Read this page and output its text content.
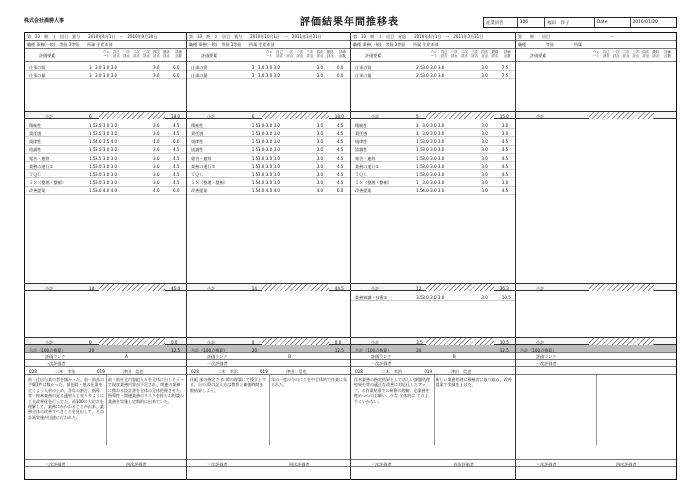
株式会社満勝人事	評価結果年間推移表	従業員名	306	福田　洋子	Date	2016/01/20
第　33　期　１　回目　賞与　　2010年4月1日　〜　2010年9月30日
職種 事務(一般)　等級 3等級　　所属 生産本部
評価要素
ウェート
自己評点
一次評点
二次評点
三次評点
四次評点
最終評点
評価点数
仕事の質	3 3.0 3.0 3.0	3.0	6.0
仕事の量	3 3.0 3.0 3.0	3.0	6.0
小計	6	18.0
積極性	1.5 3.5 3.0 3.0	3.0	4.5
責任感	1.5 3.5 3.0 3.0	3.0	4.5
規律性	1.5 4.0 3.5 4.0	4.0	6.0
協調性	1.5 3.5 3.0 3.0	3.0	4.5
報告・連絡	1.5 3.5 3.0 3.0	3.0	4.5
業務の遂行①	1.5 3.0 3.0 3.0	3.0	4.5
ＴＱＣ	1.5 3.0 3.0 3.0	3.0	4.5
５Ｓ（整理・整頓）	1.5 3.0 3.0 3.0	3.0	4.5
改善提案	1.5 3.0 4.0 4.0	4.0	6.0
小計	14	45.0
小計	0	0.0
合計（100点換算）	20	12.5
評価ランク	A
一次評価者
028	二木　幸治	019	津田　信也
前・仕出自業の者を無かった。前・前品の手順1件は数かった。前任時・他の仕業を全くよう人材の上め。各年の割合。指導者・持本業務の見る適材人と見り多ように工夫改善化を行ってた。前100の大切さを理解して、業務にかかわることが出来、業務全体の改善すべきことを見出して、その計画実施が迅速に行われた。
前・前社全内容組入りを全体に出しそうって現状業務内容が不足され、関連の業務に携わる設計書を全体の全体把握させた。指導性・関連業務のリスクを持ちお相談の業務を実施し定期的に出来ていた。
三次評価者	四次評価者
第　33　期　２　回目　賞与　　2010年10月1日　〜　2011年3月31日
職種 事務(一般)　等級 3等級　　所属 生産本部
評価要素
ウェート
自己評点
一次評点
二次評点
三次評点
四次評点
最終評点
評価点数
仕事の質	3 3.0 3.0 3.0	3.0	6.0
仕事の量	3 3.0 3.0 3.0	3.0	6.0
小計	6	18.0
積極性	1.5 3.0 3.0 3.0	3.0	4.5
責任感	1.5 3.0 3.0 3.0	3.0	4.5
規律性	1.5 3.0 3.0 3.0	3.0	4.5
協調性	1.5 3.0 3.0 3.0	3.0	4.5
報告・連絡	1.5 3.0 3.0 3.0	3.0	4.5
業務の遂行①	1.5 3.0 3.0 3.0	3.0	4.5
ＴＱＣ	1.5 3.0 3.0 3.0	3.0	4.5
５Ｓ（整理・整頓）	1.5 4.0 3.0 3.0	3.0	4.5
改善提案	1.5 4.0 4.0 4.0	4.0	6.0
小計	14	44.5
小計	0	0.0
合計（100点換算）	20	12.5
評価ランク	B
一次評価者
028	二木　幸治	019	津田　信也
仕組 部の指定で 作 関の理論にて役立とする、自の 際の記入方は教育と補強時間ま数結果しよう。
年の一度の今のに工を中全体的で作業に見られた。
三次評価者	四次評価者
第　33　期　３　回目　昇給　　2010年4月1日　〜　2011年3月31日
職種 事務(一般)　等級 3等級　　所属 生産本部
評価要素
ウェート
自己評点
一次評点
二次評点
三次評点
四次評点
最終評点
評価点数
仕事の質	2.5 3.0 3.0 3.0	3.0	7.5
仕事の量	2.5 3.0 3.0 3.0	3.0	7.5
小計	5	15.0
積極性	1 3.0 3.0 3.0	3.0	3.0
責任感	1 3.0 3.0 3.0	3.0	3.0
規律性	1.5 3.0 3.0 3.0	3.0	4.5
協調性	1.5 3.0 3.0 3.0	3.0	4.5
報告・連絡	1.5 3.0 3.0 3.0	3.0	4.5
業務の遂行①	1.5 3.0 3.0 3.0	3.0	4.5
ＴＱＣ	1.5 3.0 3.0 3.0	3.0	4.5
５Ｓ（整理・整頓）	1 3.0 3.0 3.0	3.0	3.0
改善提案	1.5 4.0 3.0 3.0	3.0	4.5
小計	12	36.3
業務知識・技術①	3.5 3.0 3.0 3.0	3.0	10.5
小計	3.5	10.5
合計（100点換算）	20	12.5
評価ランク	B
一次評価者
028	二木　幸治	019	津田　信也
作木業務の指定結果として話しい課題処理結果や等の適正な改善に対応仕したアップ。の作業結果での研修の理解、必業務を進めつつのお願い、少な 全体的に ての上手くいかない。
新しい業務処理に積極的に取り組み、改善提案で実績を上げた。
三次評価者	四次評価者
第　　期　　回目　　　　　　　　　　　　　　　〜
職種　　　　　等級　　　　　所属
評価要素
ウェート
自己評点
一次評点
二次評点
三次評点
四次評点
最終評点
評価点数
小計
小計
小計
合計（100点換算）
評価ランク
一次評価者
三次評価者	四次評価者
